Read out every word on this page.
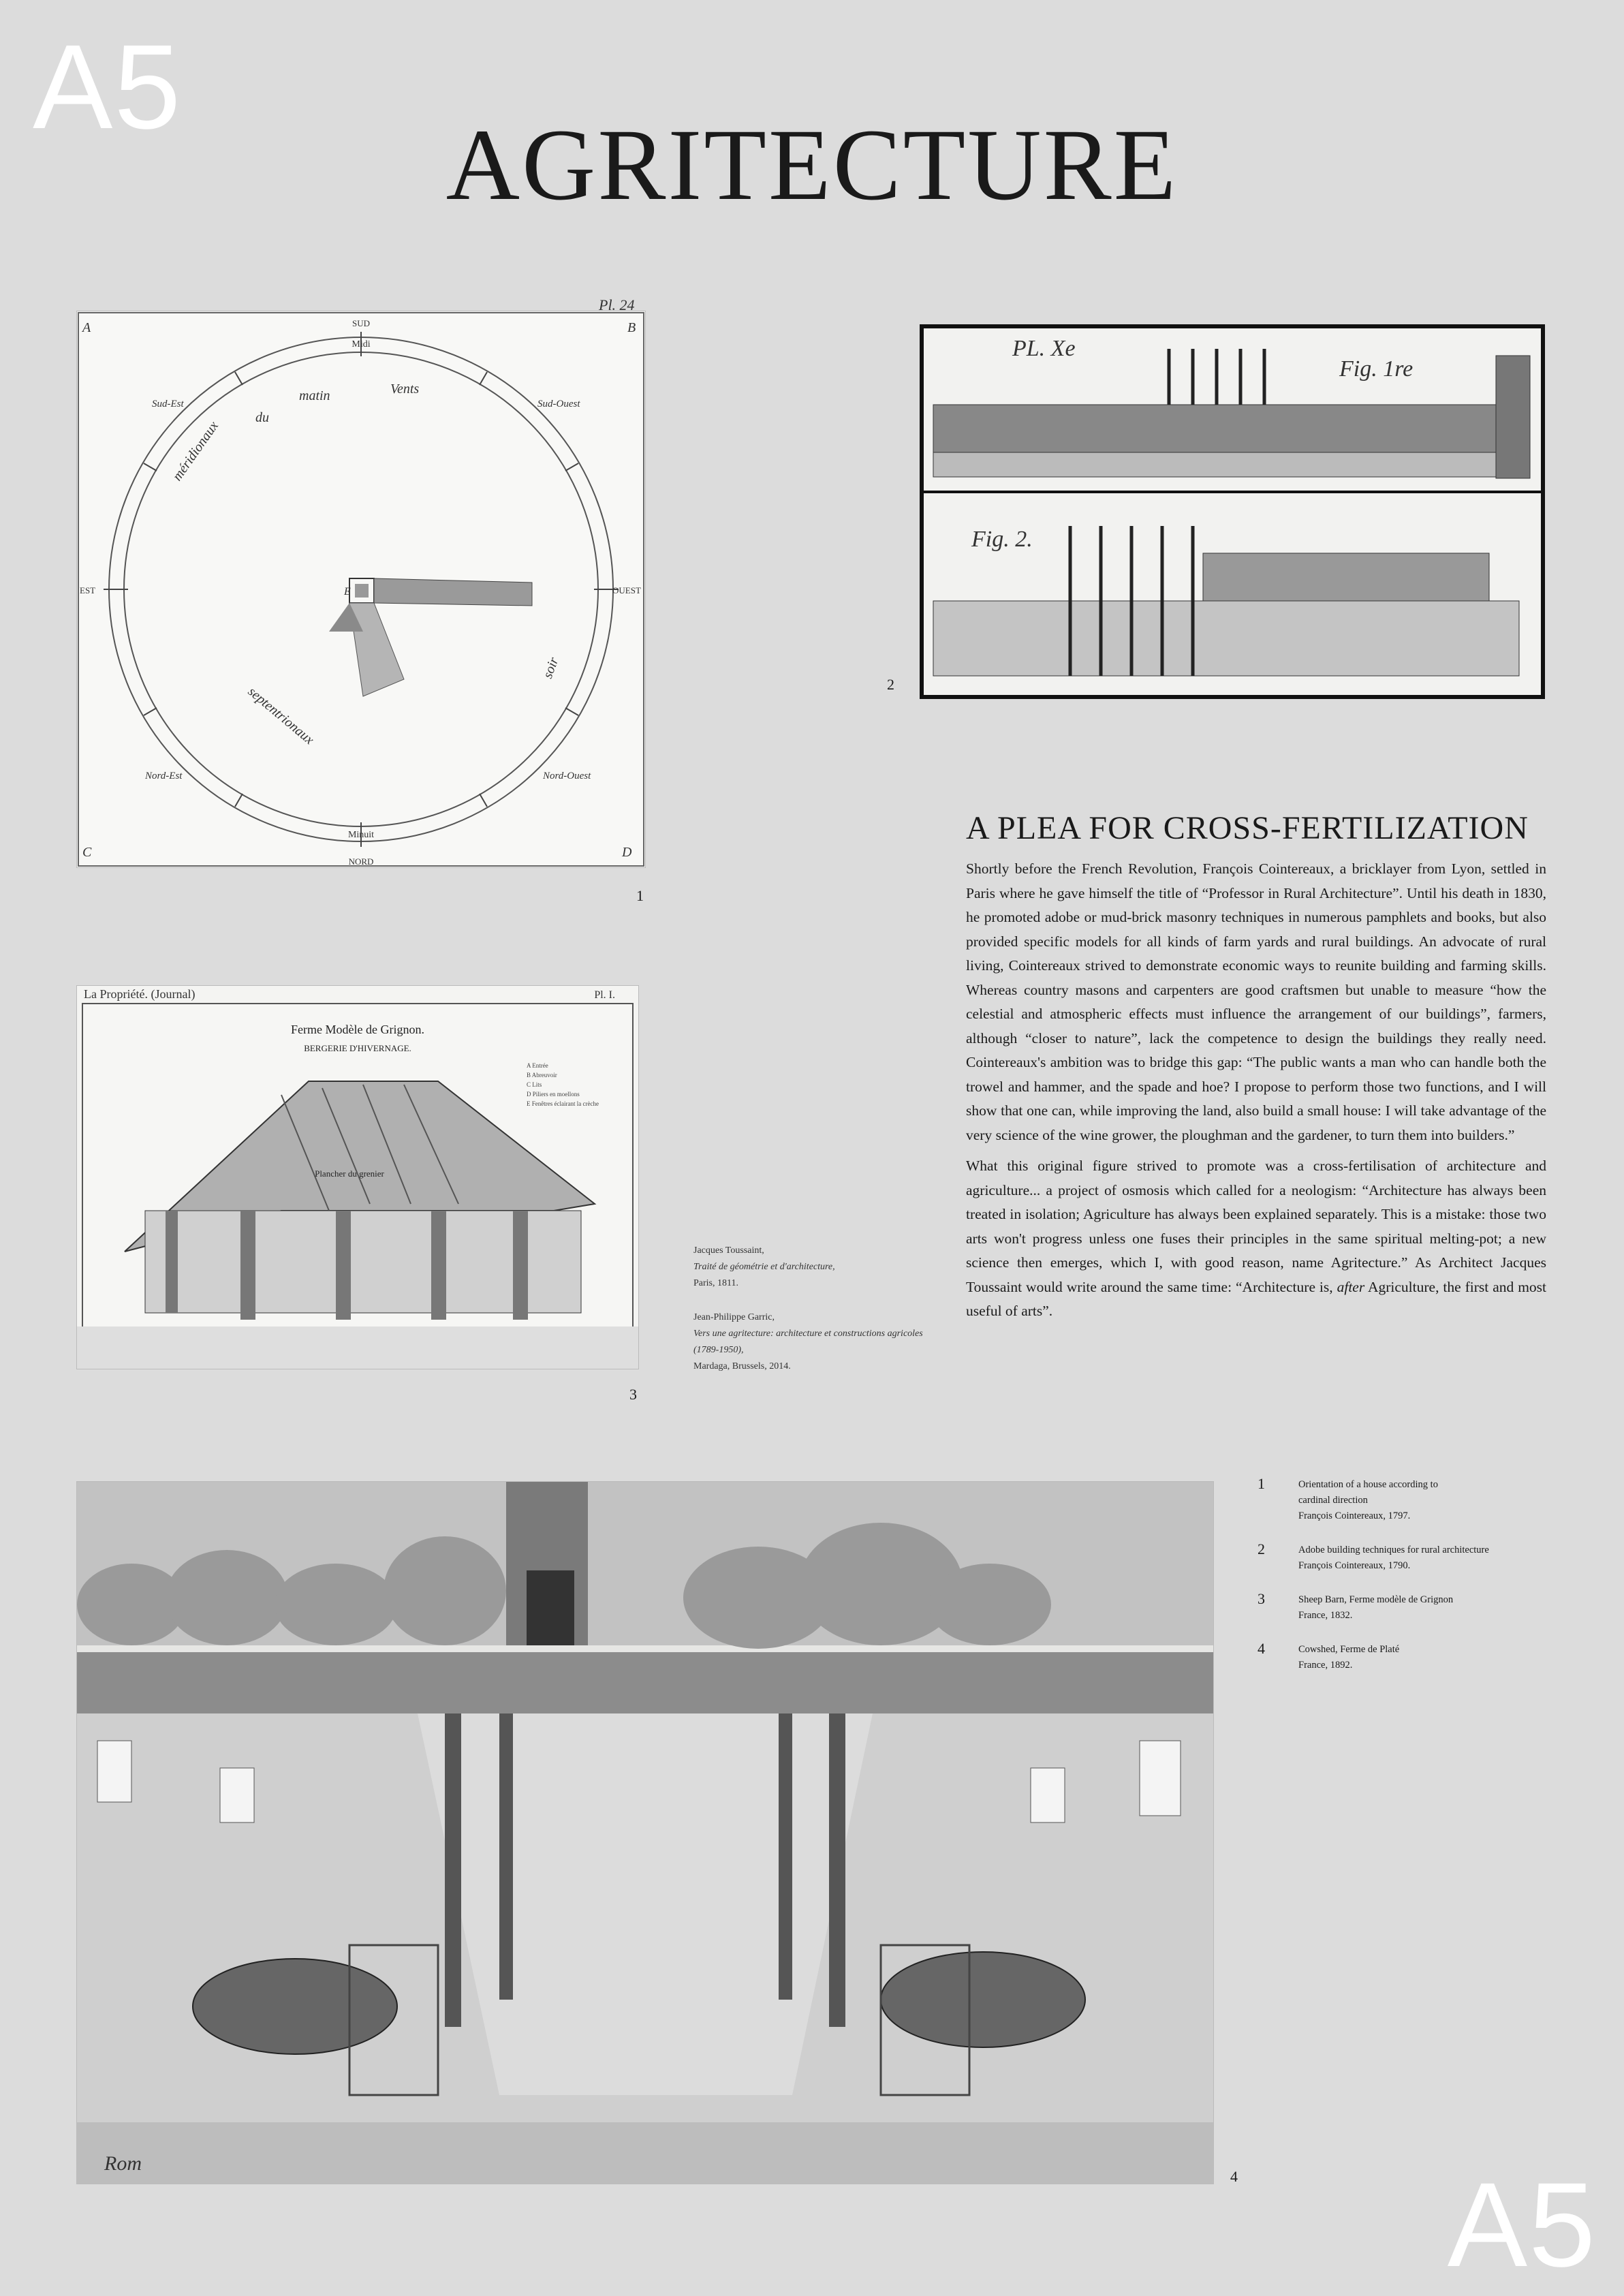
A5
A5
AGRITECTURE
Pl. 24
A	B
C	D
SUD
NORD
EST	OUEST
Midi
Minuit
Sud-Est	Sud-Ouest
Nord-Est	Nord-Ouest
E
matin	Vents
méridionaux
du
soir
septentrionaux
1
PL. Xe
Fig. 1re
Fig. 2.
2
La Propriété. (Journal)	Pl. I.
Ferme Modèle de Grignon.
BERGERIE D'HIVERNAGE.
A Entrée
B Abreuvoir
C Lits
D Piliers en moellons
E Fenêtres éclairant la crèche
Plancher du grenier
3
Jacques Toussaint,
Traité de géométrie et d'architecture,
Paris, 1811.
Jean-Philippe Garric,
Vers une agritecture: architecture et constructions agricoles (1789-1950),
Mardaga, Brussels, 2014.
A PLEA FOR CROSS-FERTILIZATION

Shortly before the French Revolution, François Cointereaux, a bricklayer from Lyon, settled in Paris where he gave himself the title of “Professor in Rural Architecture”. Until his death in 1830, he promoted adobe or mud-brick masonry techniques in numerous pamphlets and books, but also provided specific models for all kinds of farm yards and rural buildings. An advocate of rural living, Cointereaux strived to demonstrate economic ways to reunite building and farming skills. Whereas country masons and carpenters are good craftsmen but unable to measure “how the celestial and atmospheric effects must influence the arrangement of our buildings”, farmers, although “closer to nature”, lack the competence to design the buildings they really need. Cointereaux's ambition was to bridge this gap: “The public wants a man who can handle both the trowel and hammer, and the spade and hoe? I propose to perform those two functions, and I will show that one can, while improving the land, also build a small house: I will take advantage of the very science of the wine grower, the ploughman and the gardener, to turn them into builders.”

What this original figure strived to promote was a cross-fertilisation of architecture and agriculture... a project of osmosis which called for a neologism: “Architecture has always been treated in isolation; Agriculture has always been explained separately. This is a mistake: those two arts won't progress unless one fuses their principles in the same spiritual melting-pot; a new science then emerges, which I, with good reason, name Agritecture.” As Architect Jacques Toussaint would write around the same time: “Architecture is, after Agriculture, the first and most useful of arts”.

Rom
4
1	Orientation of a house according to
cardinal direction
François Cointereaux, 1797.
2	Adobe building techniques for rural architecture
François Cointereaux, 1790.
3	Sheep Barn, Ferme modèle de Grignon
France, 1832.
4	Cowshed, Ferme de Platé
France, 1892.
